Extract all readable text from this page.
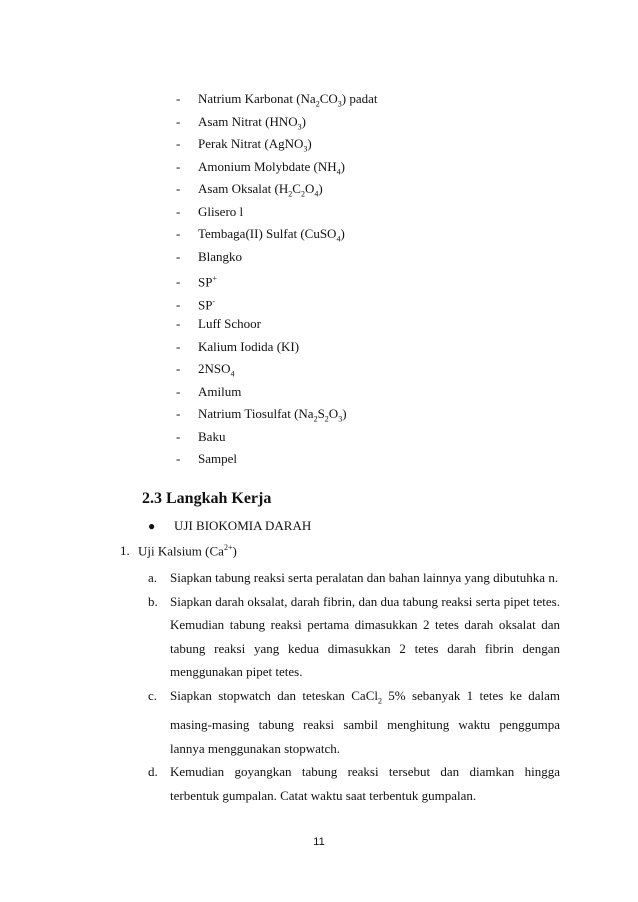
- Natrium Karbonat $(Na_2CO_3)$ padat
- Asam Nitrat $(HNO_3)$
- Perak Nitrat (AgNO$_3$)
- Amonium Molybdate $(NH_4)$
- Asam Oksalat $(H_2C_2O_4)$
- Glisero l
- Tembaga(II) Sulfat (CuSO$_4$)
- Blangko
- SP+
- SP-
- Luff Schoor
- Kalium Iodida (KI)
- $2NSO_4$
- Amilum
- Natrium Tiosulfat $(Na_2S_2O_3)$
- Baku
- Sampel
2.3 Langkah Kerja
● UJI BIOKOMIA DARAH
1. Uji Kalsium $(Ca^{2+})$
a. Siapkan tabung reaksi serta peralatan dan bahan lainnya yang dibutuhka n.
b. Siapkan darah oksalat, darah fibrin, dan dua tabung reaksi serta pipet tetes. Kemudian tabung reaksi pertama dimasukkan 2 tetes darah oksalat dan tabung reaksi yang kedua dimasukkan 2 tetes darah fibrin dengan menggunakan pipet tetes.
c. Siapkan stopwatch dan teteskan CaCl$_2$ 5% sebanyak 1 tetes ke dalam masing-masing tabung reaksi sambil menghitung waktu penggumpa lannya menggunakan stopwatch.
d. Kemudian goyangkan tabung reaksi tersebut dan diamkan hingga terbentuk gumpalan. Catat waktu saat terbentuk gumpalan.
11
